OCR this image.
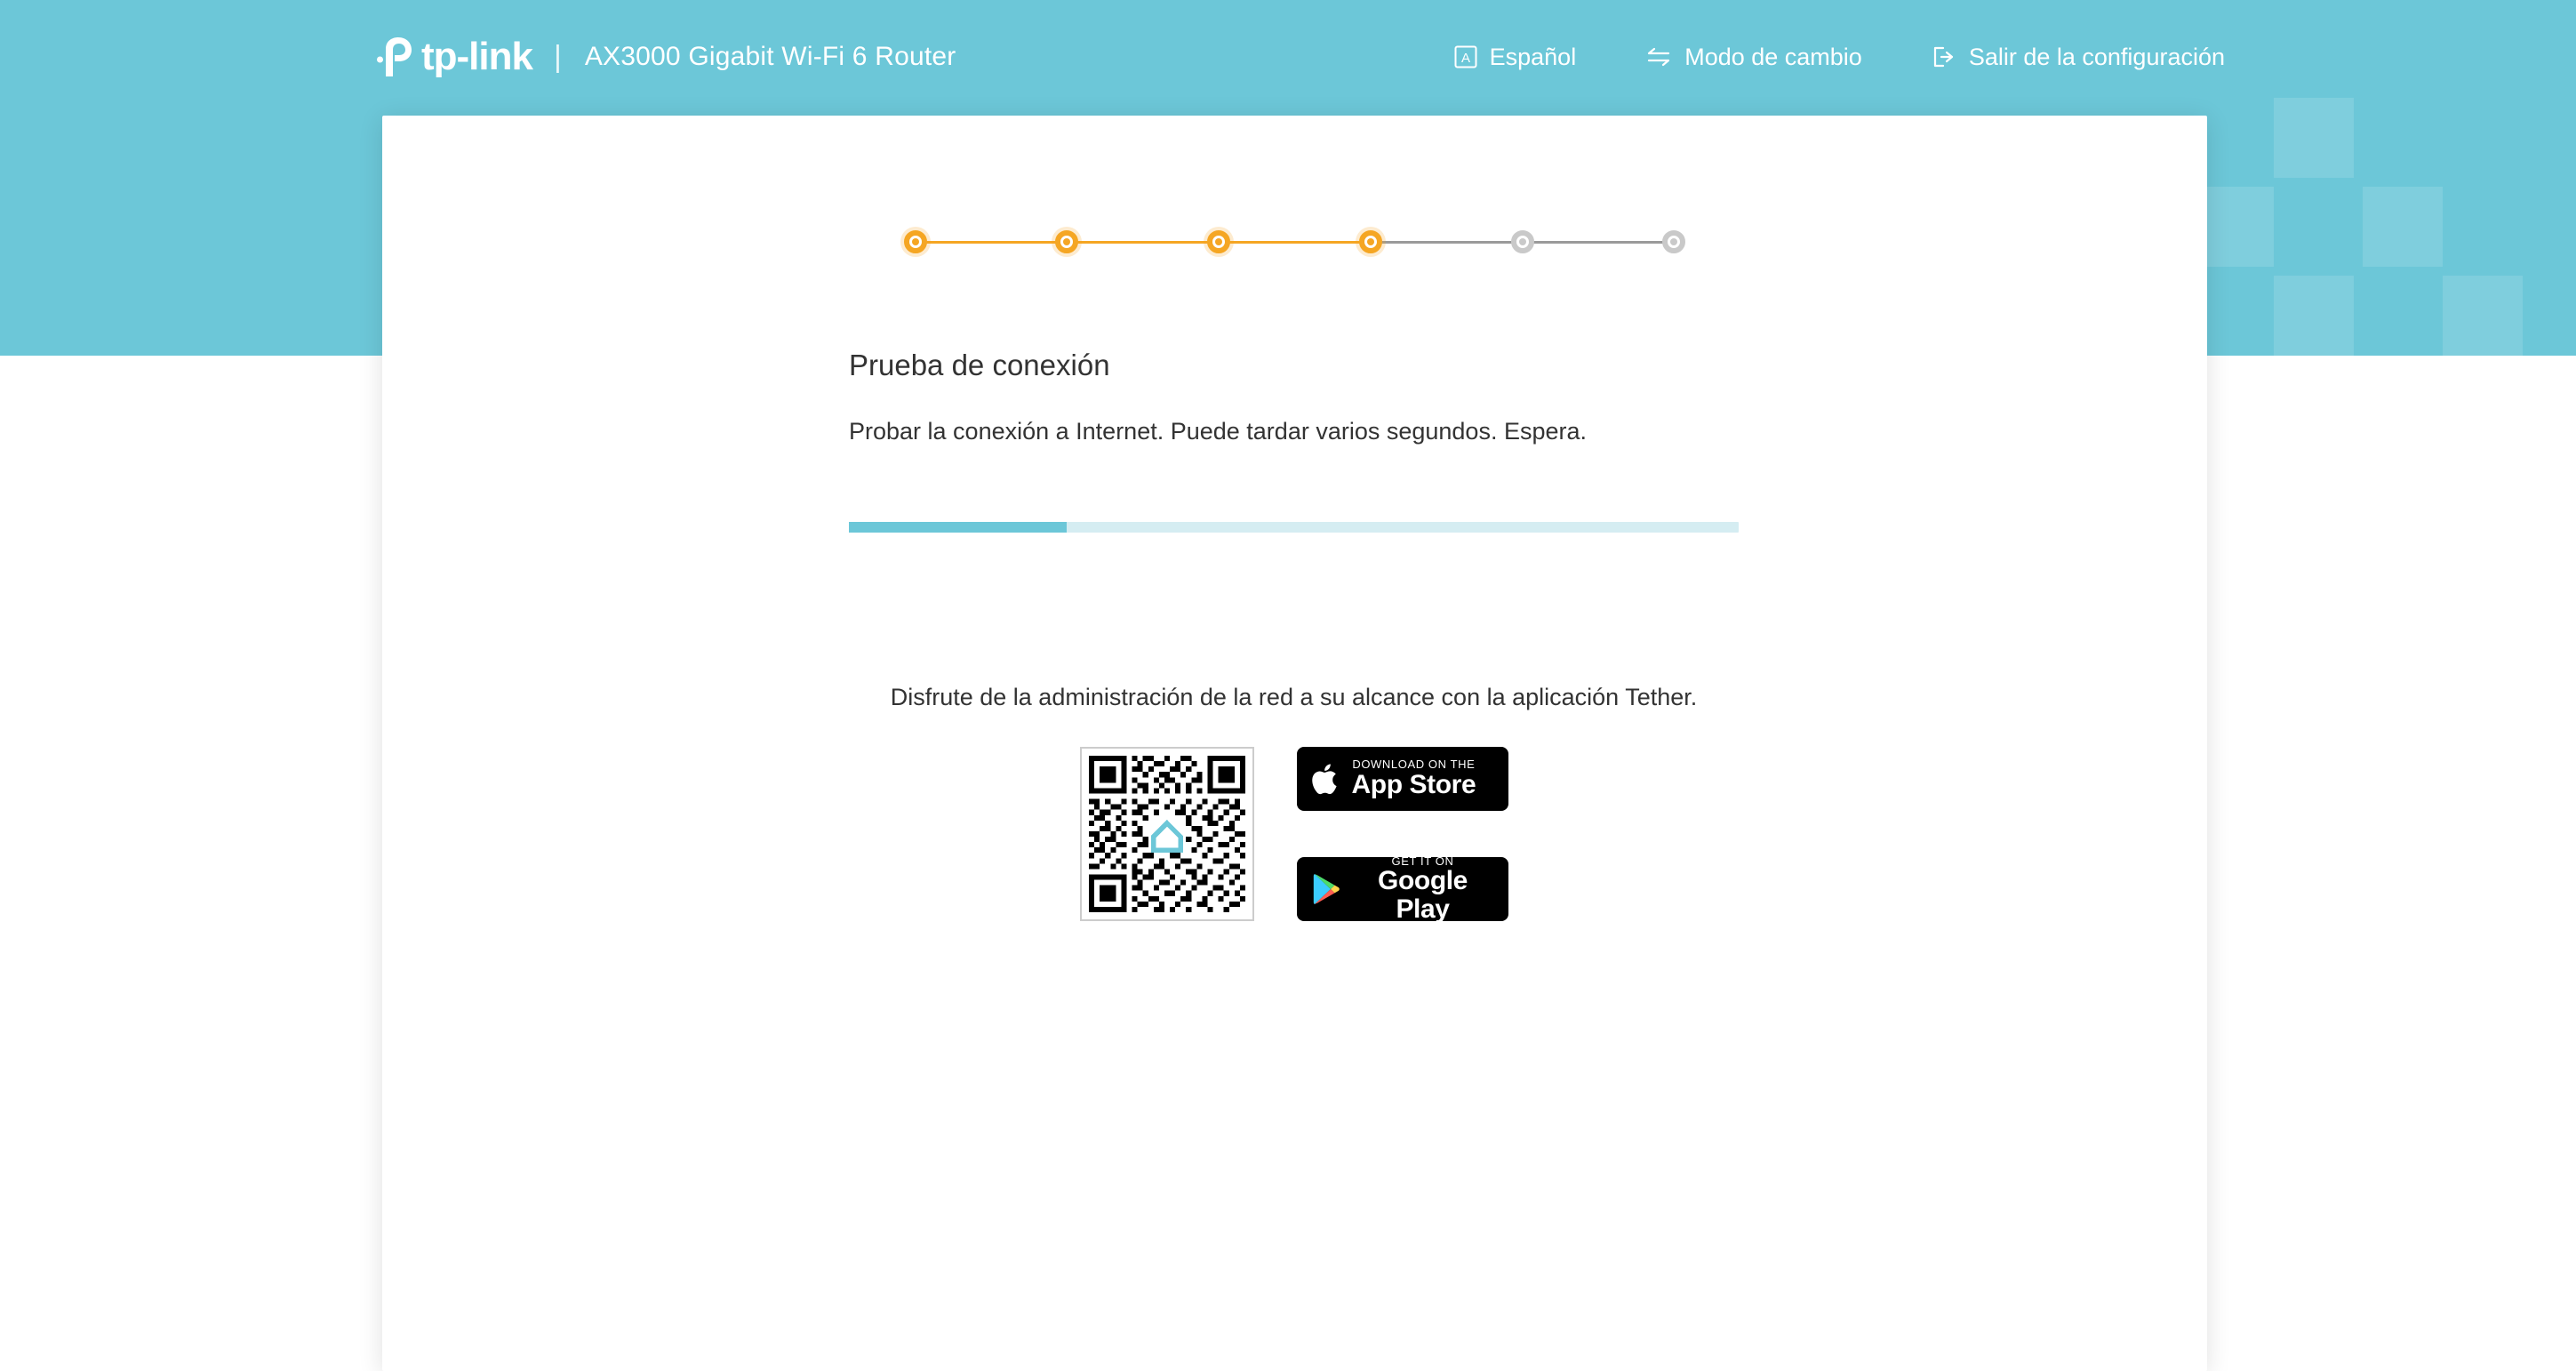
tp-link | AX3000 Gigabit Wi-Fi 6 Router	A Español	Modo de cambio	Salir de la configuración
Prueba de conexión

Probar la conexión a Internet. Puede tardar varios segundos. Espera.

Disfrute de la administración de la red a su alcance con la aplicación Tether.
DOWNLOAD ON THE
App Store
GET IT ON
Google Play
